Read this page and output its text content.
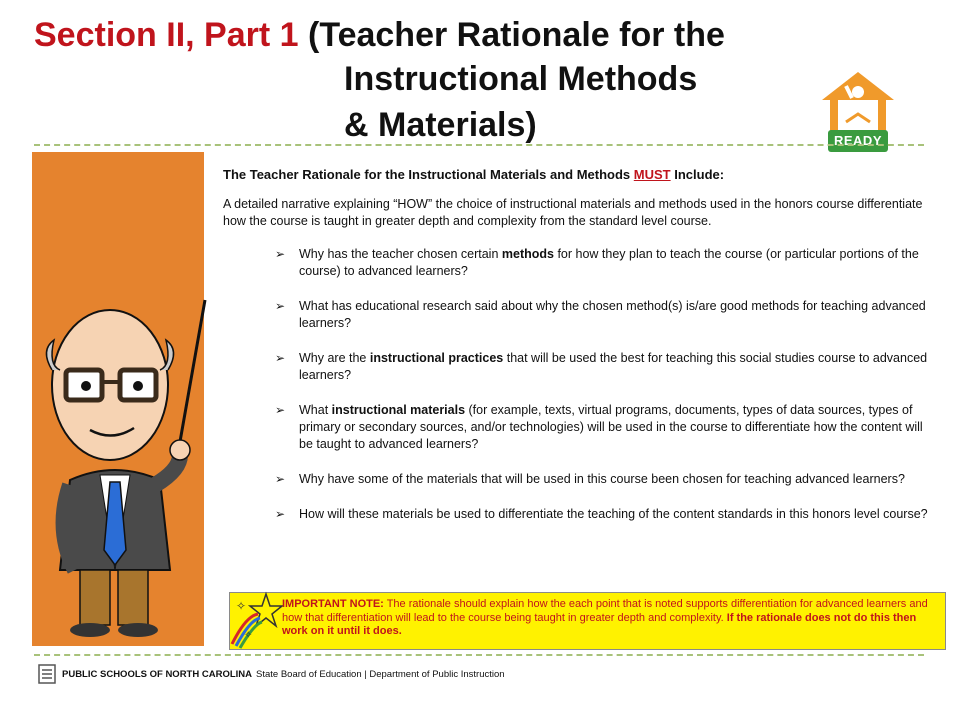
Section II, Part 1 (Teacher Rationale for the
Instructional Methods
& Materials)	READY
The Teacher Rationale for the Instructional Materials and Methods MUST Include:
A detailed narrative explaining “HOW” the choice of instructional materials and methods used in the honors course differentiate how the course is taught in greater depth and complexity from the standard level course.
➢ Why has the teacher chosen certain methods for how they plan to teach the course (or particular portions of the course) to advanced learners?
➢ What has educational research said about why the chosen method(s) is/are good methods for teaching advanced learners?
➢ Why are the instructional practices that will be used the best for teaching this social studies course to advanced learners?
➢ What instructional materials (for example, texts, virtual programs, documents, types of data sources, types of primary or secondary sources, and/or technologies) will be used in the course to differentiate how the content will be taught to advanced learners?
➢ Why have some of the materials that will be used in this course been chosen for teaching advanced learners?
➢ How will these materials be used to differentiate the teaching of the content standards in this honors level course?
✧
✧
IMPORTANT NOTE: The rationale should explain how the each point that is noted supports differentiation for advanced learners and how that differentiation will lead to the course being taught in greater depth and complexity. If the rationale does not do this then work on it until it does.
PUBLIC SCHOOLS OF NORTH CAROLINA State Board of Education | Department of Public Instruction
